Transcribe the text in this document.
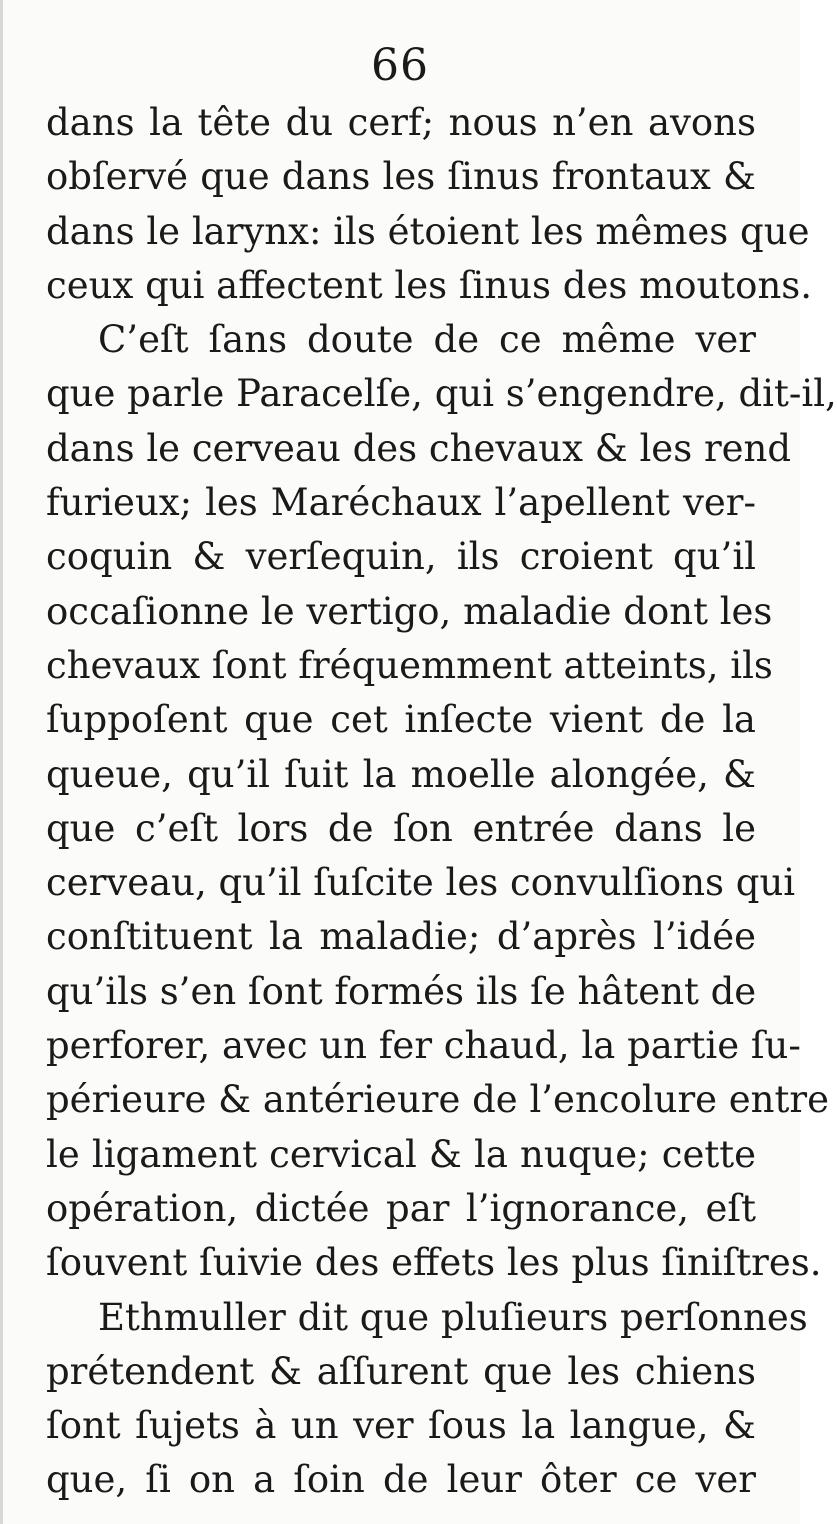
66
dans la tête du cerf; nous n’en avons
obſervé que dans les ſinus frontaux &
dans le larynx: ils étoient les mêmes que
ceux qui affectent les ſinus des moutons.
C’eſt ſans doute de ce même ver
que parle Paracelſe, qui s’engendre, dit-il,
dans le cerveau des chevaux & les rend
furieux; les Maréchaux l’apellent ver-
coquin & verſequin, ils croient qu’il
occaſionne le vertigo, maladie dont les
chevaux ſont fréquemment atteints, ils
ſuppoſent que cet inſecte vient de la
queue, qu’il ſuit la moelle alongée, &
que c’eſt lors de ſon entrée dans le
cerveau, qu’il ſuſcite les convulſions qui
conſtituent la maladie; d’après l’idée
qu’ils s’en ſont formés ils ſe hâtent de
perforer, avec un fer chaud, la partie ſu-
périeure & antérieure de l’encolure entre
le ligament cervical & la nuque; cette
opération, dictée par l’ignorance, eſt
ſouvent ſuivie des effets les plus ſiniſtres.
Ethmuller dit que pluſieurs perſonnes
prétendent & aſſurent que les chiens
ſont ſujets à un ver ſous la langue, &
que, ſi on a ſoin de leur ôter ce ver
